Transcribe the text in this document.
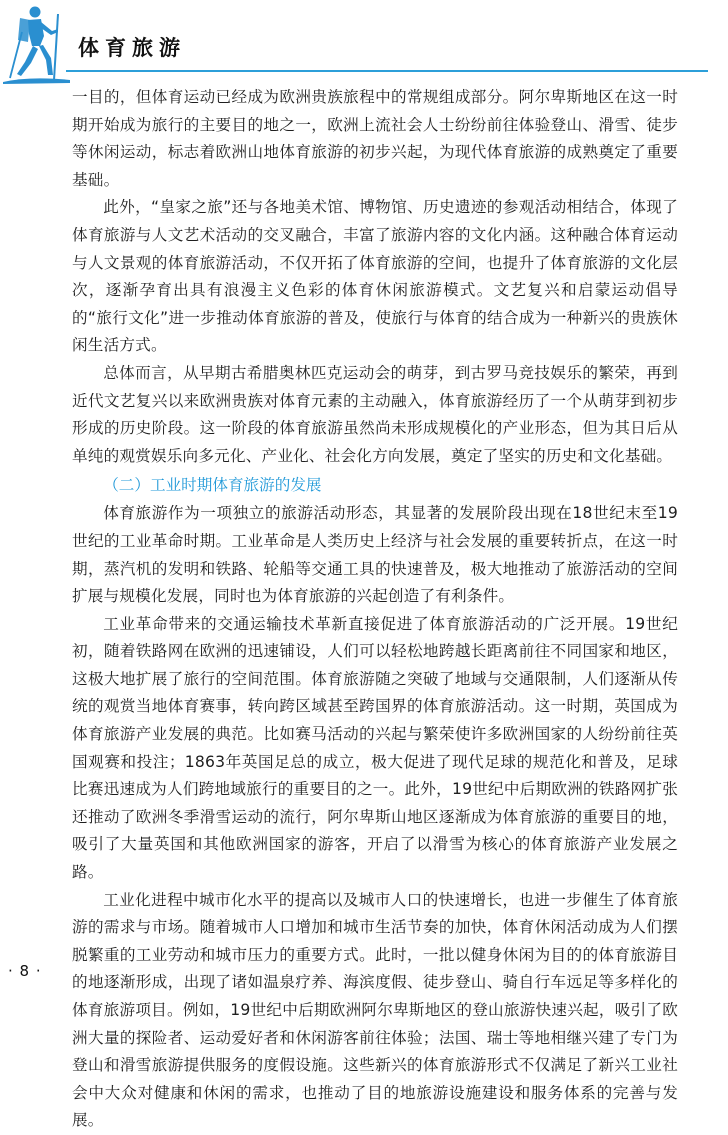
体育旅游

一目的，但体育运动已经成为欧洲贵族旅程中的常规组成部分。阿尔卑斯地区在这一时期开始成为旅行的主要目的地之一，欧洲上流社会人士纷纷前往体验登山、滑雪、徒步等休闲运动，标志着欧洲山地体育旅游的初步兴起，为现代体育旅游的成熟奠定了重要基础。

此外，“皇家之旅”还与各地美术馆、博物馆、历史遗迹的参观活动相结合，体现了体育旅游与人文艺术活动的交叉融合，丰富了旅游内容的文化内涵。这种融合体育运动与人文景观的体育旅游活动，不仅开拓了体育旅游的空间，也提升了体育旅游的文化层次，逐渐孕育出具有浪漫主义色彩的体育休闲旅游模式。文艺复兴和启蒙运动倡导的“旅行文化”进一步推动体育旅游的普及，使旅行与体育的结合成为一种新兴的贵族休闲生活方式。

总体而言，从早期古希腊奥林匹克运动会的萌芽，到古罗马竞技娱乐的繁荣，再到近代文艺复兴以来欧洲贵族对体育元素的主动融入，体育旅游经历了一个从萌芽到初步形成的历史阶段。这一阶段的体育旅游虽然尚未形成规模化的产业形态，但为其日后从单纯的观赏娱乐向多元化、产业化、社会化方向发展，奠定了坚实的历史和文化基础。

（二）工业时期体育旅游的发展

体育旅游作为一项独立的旅游活动形态，其显著的发展阶段出现在18世纪末至19世纪的工业革命时期。工业革命是人类历史上经济与社会发展的重要转折点，在这一时期，蒸汽机的发明和铁路、轮船等交通工具的快速普及，极大地推动了旅游活动的空间扩展与规模化发展，同时也为体育旅游的兴起创造了有利条件。

工业革命带来的交通运输技术革新直接促进了体育旅游活动的广泛开展。19世纪初，随着铁路网在欧洲的迅速铺设，人们可以轻松地跨越长距离前往不同国家和地区，这极大地扩展了旅行的空间范围。体育旅游随之突破了地域与交通限制，人们逐渐从传统的观赏当地体育赛事，转向跨区域甚至跨国界的体育旅游活动。这一时期，英国成为体育旅游产业发展的典范。比如赛马活动的兴起与繁荣使许多欧洲国家的人纷纷前往英国观赛和投注；1863年英国足总的成立，极大促进了现代足球的规范化和普及，足球比赛迅速成为人们跨地域旅行的重要目的之一。此外，19世纪中后期欧洲的铁路网扩张还推动了欧洲冬季滑雪运动的流行，阿尔卑斯山地区逐渐成为体育旅游的重要目的地，吸引了大量英国和其他欧洲国家的游客，开启了以滑雪为核心的体育旅游产业发展之路。

工业化进程中城市化水平的提高以及城市人口的快速增长，也进一步催生了体育旅游的需求与市场。随着城市人口增加和城市生活节奏的加快，体育休闲活动成为人们摆脱繁重的工业劳动和城市压力的重要方式。此时，一批以健身休闲为目的的体育旅游目的地逐渐形成，出现了诸如温泉疗养、海滨度假、徒步登山、骑自行车远足等多样化的体育旅游项目。例如，19世纪中后期欧洲阿尔卑斯地区的登山旅游快速兴起，吸引了欧洲大量的探险者、运动爱好者和休闲游客前往体验；法国、瑞士等地相继兴建了专门为登山和滑雪旅游提供服务的度假设施。这些新兴的体育旅游形式不仅满足了新兴工业社会中大众对健康和休闲的需求，也推动了目的地旅游设施建设和服务体系的完善与发展。

· 8 ·
